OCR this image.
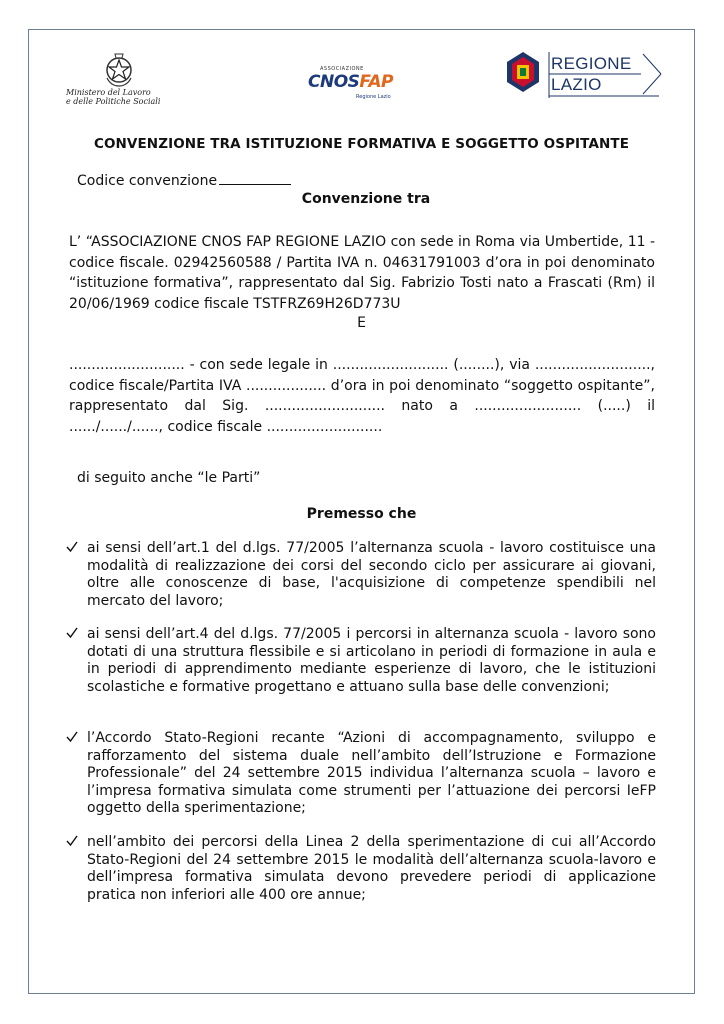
Ministero del Lavoro
e delle Politiche Sociali
ASSOCIAZIONE
CNOSFAP
Regione Lazio
REGIONE
LAZIO
CONVENZIONE TRA ISTITUZIONE FORMATIVA E SOGGETTO OSPITANTE
Codice convenzione
Convenzione tra
L’ “ASSOCIAZIONE CNOS FAP REGIONE LAZIO con sede in Roma via Umbertide, 11 - codice fiscale. 02942560588 / Partita IVA n. 04631791003 d’ora in poi denominato “istituzione formativa”, rappresentato dal Sig. Fabrizio Tosti nato a Frascati (Rm) il 20/06/1969 codice fiscale TSTFRZ69H26D773U
E
.......................... - con sede legale in .......................... (........), via .........................., codice fiscale/Partita IVA .................. d’ora in poi denominato “soggetto ospitante”, rappresentato dal Sig. ........................... nato a ........................ (.....) il ....../....../......, codice fiscale ..........................
di seguito anche “le Parti”
Premesso che
ai sensi dell’art.1 del d.lgs. 77/2005 l’alternanza scuola - lavoro costituisce una modalità di realizzazione dei corsi del secondo ciclo per assicurare ai giovani, oltre alle conoscenze di base, l'acquisizione di competenze spendibili nel mercato del lavoro;
ai sensi dell’art.4 del d.lgs. 77/2005 i percorsi in alternanza scuola - lavoro sono dotati di una struttura flessibile e si articolano in periodi di formazione in aula e in periodi di apprendimento mediante esperienze di lavoro, che le istituzioni scolastiche e formative progettano e attuano sulla base delle convenzioni;
l’Accordo Stato-Regioni recante “Azioni di accompagnamento, sviluppo e rafforzamento del sistema duale nell’ambito dell’Istruzione e Formazione Professionale” del 24 settembre 2015 individua l’alternanza scuola – lavoro e l’impresa formativa simulata come strumenti per l’attuazione dei percorsi IeFP oggetto della sperimentazione;
nell’ambito dei percorsi della Linea 2 della sperimentazione di cui all’Accordo Stato-Regioni del 24 settembre 2015 le modalità dell’alternanza scuola-lavoro e dell’impresa formativa simulata devono prevedere periodi di applicazione pratica non inferiori alle 400 ore annue;
